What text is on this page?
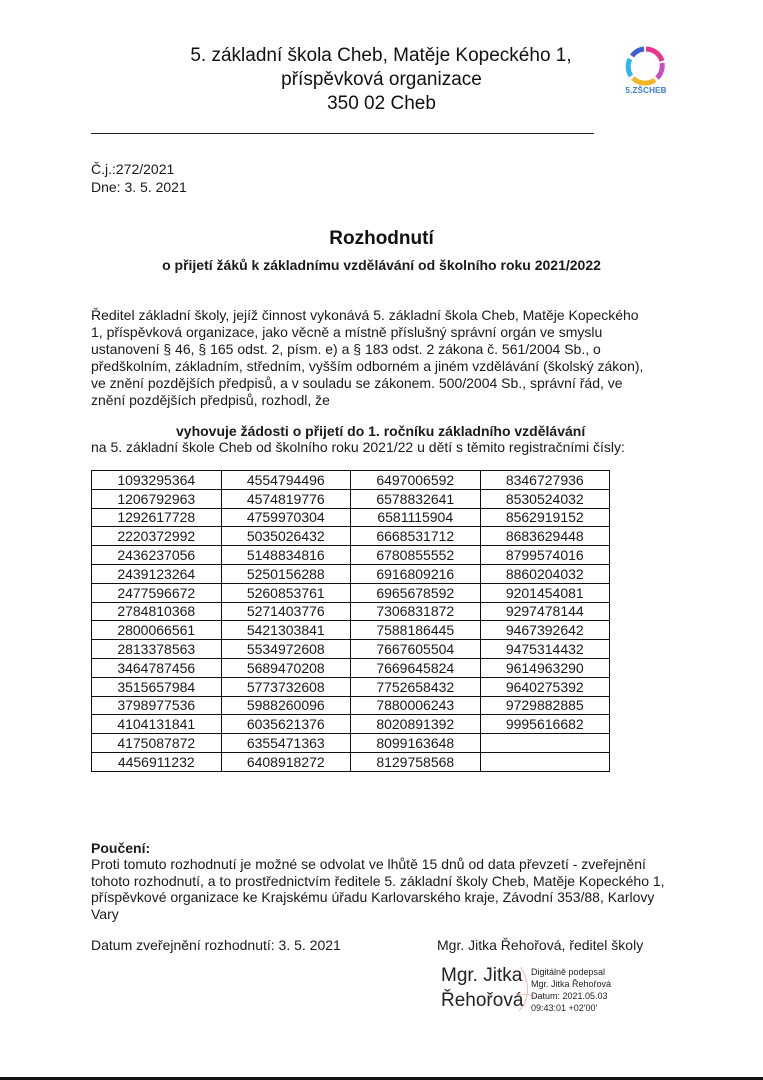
5. základní škola Cheb, Matěje Kopeckého 1,
příspěvková organizace
350 02 Cheb
5.ZŠCHEB
Č.j.:272/2021
Dne: 3. 5. 2021
Rozhodnutí
o přijetí žáků k základnímu vzdělávání od školního roku 2021/2022
Ředitel základní školy, jejíž činnost vykonává 5. základní škola Cheb, Matěje Kopeckého 1, příspěvková organizace, jako věcně a místně příslušný správní orgán ve smyslu ustanovení § 46, § 165 odst. 2, písm. e) a § 183 odst. 2 zákona č. 561/2004 Sb., o předškolním, základním, středním, vyšším odborném a jiném vzdělávání (školský zákon), ve znění pozdějších předpisů, a v souladu se zákonem. 500/2004 Sb., správní řád, ve znění pozdějších předpisů, rozhodl, že
vyhovuje žádosti o přijetí do 1. ročníku základního vzdělávání
na 5. základní škole Cheb od školního roku 2021/22 u dětí s těmito registračními čísly:
1093295364	4554794496	6497006592	8346727936
1206792963	4574819776	6578832641	8530524032
1292617728	4759970304	6581115904	8562919152
2220372992	5035026432	6668531712	8683629448
2436237056	5148834816	6780855552	8799574016
2439123264	5250156288	6916809216	8860204032
2477596672	5260853761	6965678592	9201454081
2784810368	5271403776	7306831872	9297478144
2800066561	5421303841	7588186445	9467392642
2813378563	5534972608	7667605504	9475314432
3464787456	5689470208	7669645824	9614963290
3515657984	5773732608	7752658432	9640275392
3798977536	5988260096	7880006243	9729882885
4104131841	6035621376	8020891392	9995616682
4175087872	6355471363	8099163648	
4456911232	6408918272	8129758568	
Poučení:
Proti tomuto rozhodnutí je možné se odvolat ve lhůtě 15 dnů od data převzetí - zveřejnění tohoto rozhodnutí, a to prostřednictvím ředitele 5. základní školy Cheb, Matěje Kopeckého 1, příspěvkové organizace ke Krajskému úřadu Karlovarského kraje, Závodní 353/88, Karlovy Vary
Datum zveřejnění rozhodnutí: 3. 5. 2021	Mgr. Jitka Řehořová, ředitel školy
Mgr. Jitka
Řehořová
Digitálně podepsal
Mgr. Jitka Řehořová
Datum: 2021.05.03
09:43:01 +02'00'
